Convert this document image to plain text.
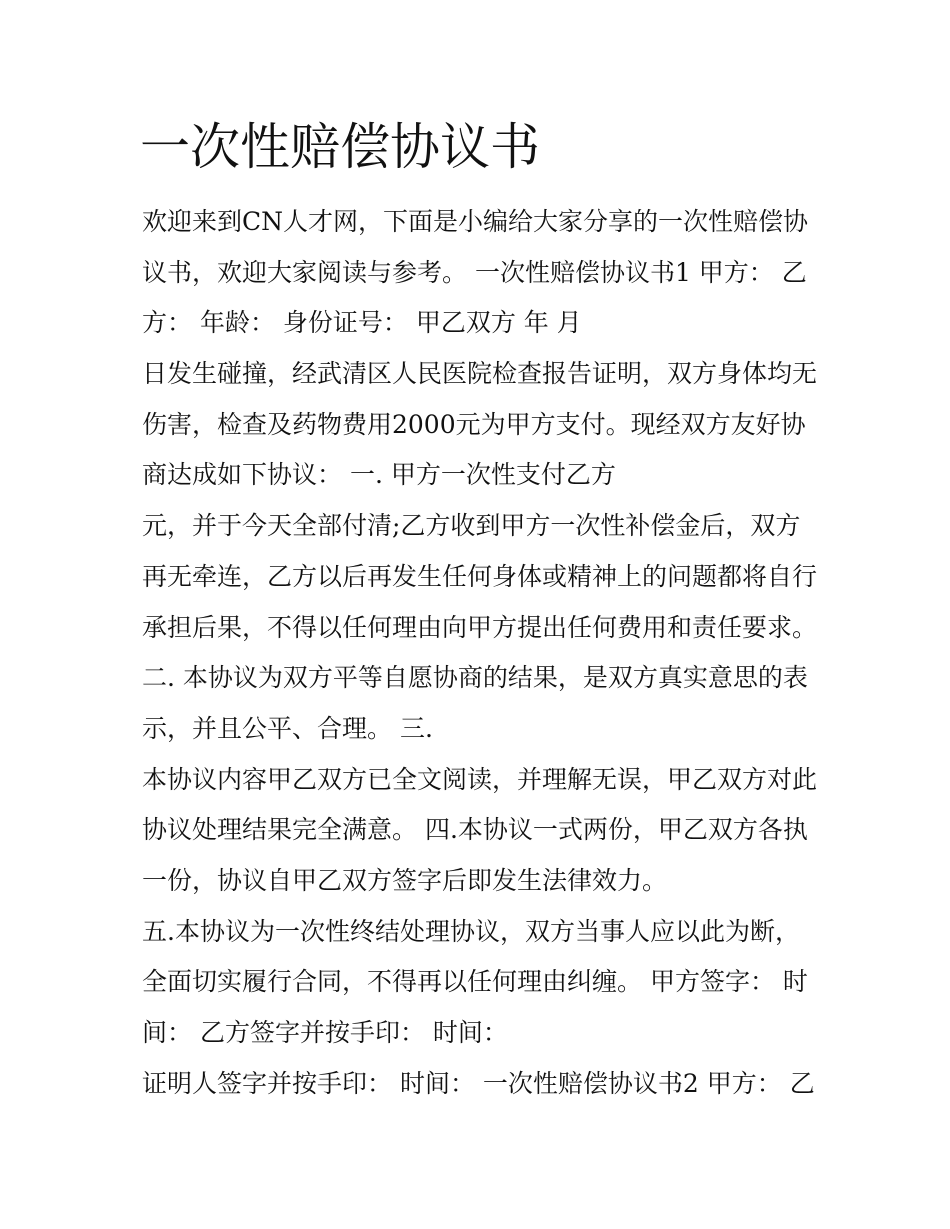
一次性赔偿协议书
欢迎来到CN人才网，下面是小编给大家分享的一次性赔偿协
议书，欢迎大家阅读与参考。 一次性赔偿协议书1 甲方： 乙
方： 年龄： 身份证号： 甲乙双方 年 月
日发生碰撞，经武清区人民医院检查报告证明，双方身体均无
伤害，检查及药物费用2000元为甲方支付。现经双方友好协
商达成如下协议： 一. 甲方一次性支付乙方
元，并于今天全部付清;乙方收到甲方一次性补偿金后，双方
再无牵连，乙方以后再发生任何身体或精神上的问题都将自行
承担后果，不得以任何理由向甲方提出任何费用和责任要求。
二. 本协议为双方平等自愿协商的结果，是双方真实意思的表
示，并且公平、合理。 三.
本协议内容甲乙双方已全文阅读，并理解无误，甲乙双方对此
协议处理结果完全满意。 四.本协议一式两份，甲乙双方各执
一份，协议自甲乙双方签字后即发生法律效力。
五.本协议为一次性终结处理协议，双方当事人应以此为断，
全面切实履行合同，不得再以任何理由纠缠。 甲方签字： 时
间： 乙方签字并按手印： 时间：
证明人签字并按手印： 时间： 一次性赔偿协议书2 甲方： 乙
